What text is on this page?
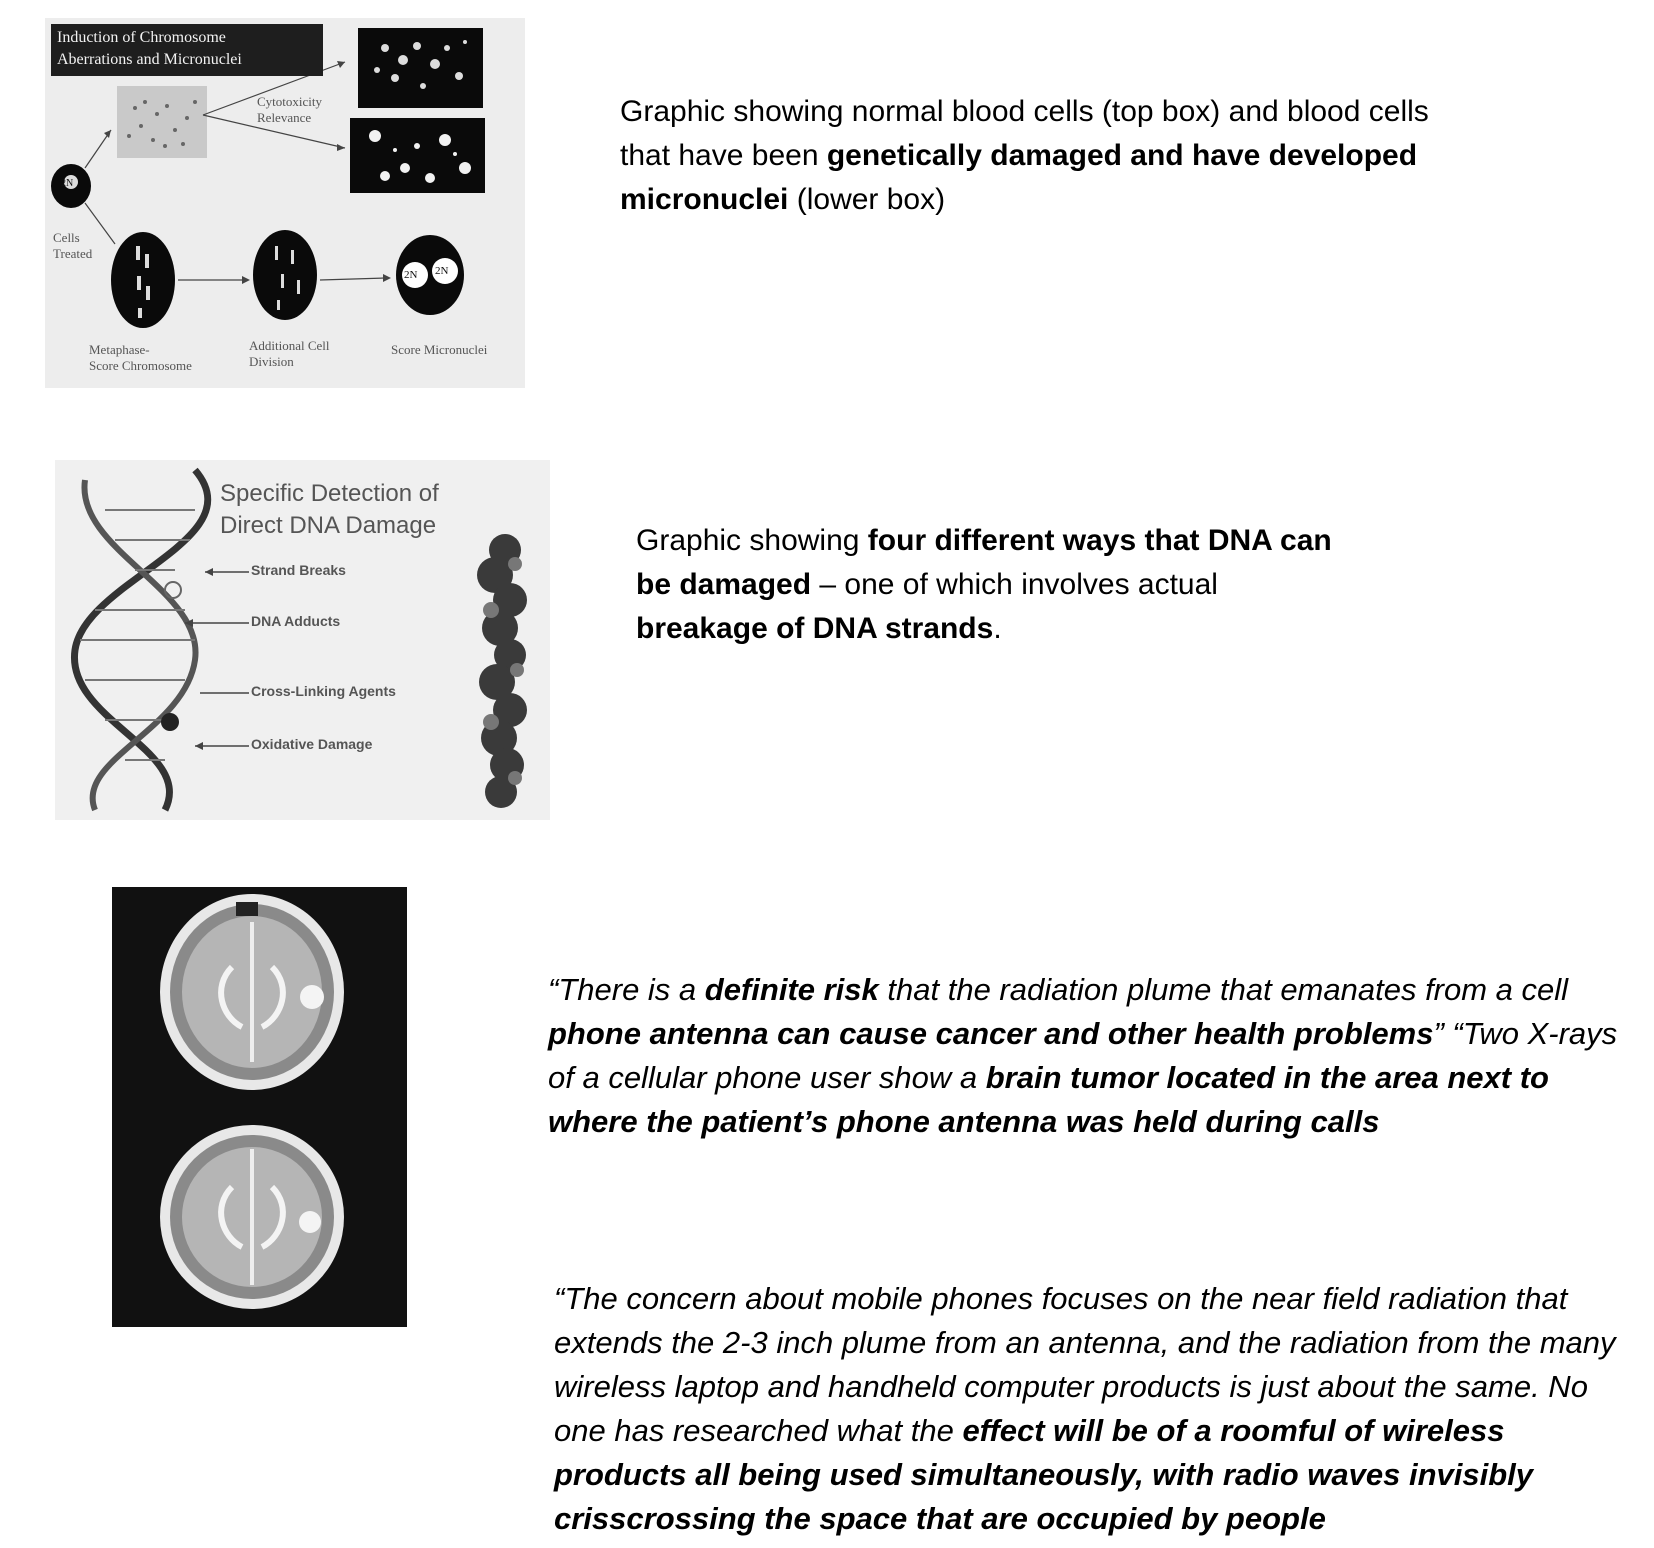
Induction of Chromosome
Aberrations and Micronuclei
Cytotoxicity
Relevance
2N
Cells
Treated
Metaphase-
Score Chromosome
Additional Cell
Division
Score Micronuclei
2N 2N
Graphic showing normal blood cells (top box) and blood cells that have been genetically damaged and have developed micronuclei (lower box)
Specific Detection of
Direct DNA Damage
Strand Breaks
DNA Adducts
Cross-Linking Agents
Oxidative Damage
Graphic showing four different ways that DNA can be damaged – one of which involves actual breakage of DNA strands.
“There is a definite risk that the radiation plume that emanates from a cell phone antenna can cause cancer and other health problems” “Two X-rays of a cellular phone user show a brain tumor located in the area next to where the patient’s phone antenna was held during calls
“The concern about mobile phones focuses on the near field radiation that extends the 2-3 inch plume from an antenna, and the radiation from the many wireless laptop and handheld computer products is just about the same. No one has researched what the effect will be of a roomful of wireless products all being used simultaneously, with radio waves invisibly crisscrossing the space that are occupied by people
